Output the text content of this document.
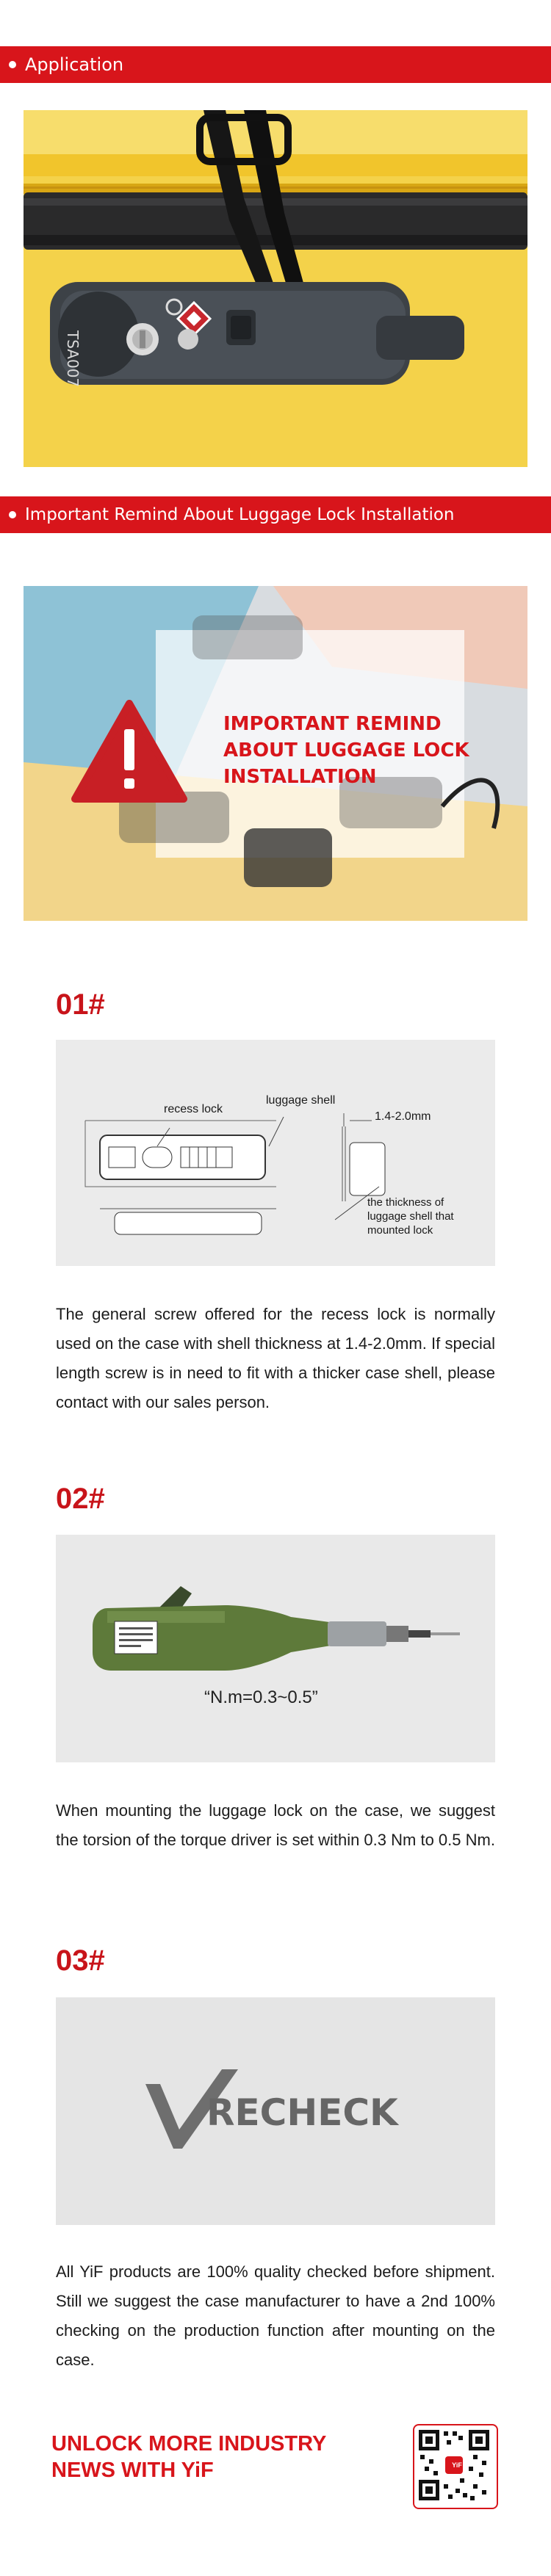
Application
TSA007
Important Remind About Luggage Lock Installation
IMPORTANT REMIND
ABOUT LUGGAGE LOCK
INSTALLATION
01#
recess lock
luggage shell
1.4-2.0mm
the thickness of
luggage shell that
mounted lock
The general screw offered for the recess lock is normally used on the case with shell thickness at 1.4-2.0mm. If special length screw is in need to fit with a thicker case shell, please contact with our sales person.
02#
“N.m=0.3~0.5”
When mounting the luggage lock on the case, we suggest the torsion of the torque driver is set within 0.3 Nm to 0.5 Nm.
03#
RECHECK
All YiF products are 100% quality checked before shipment. Still we suggest the case manufacturer to have a 2nd 100% checking on the production function after mounting on the case.
UNLOCK MORE INDUSTRY
NEWS WITH YiF	YiF
